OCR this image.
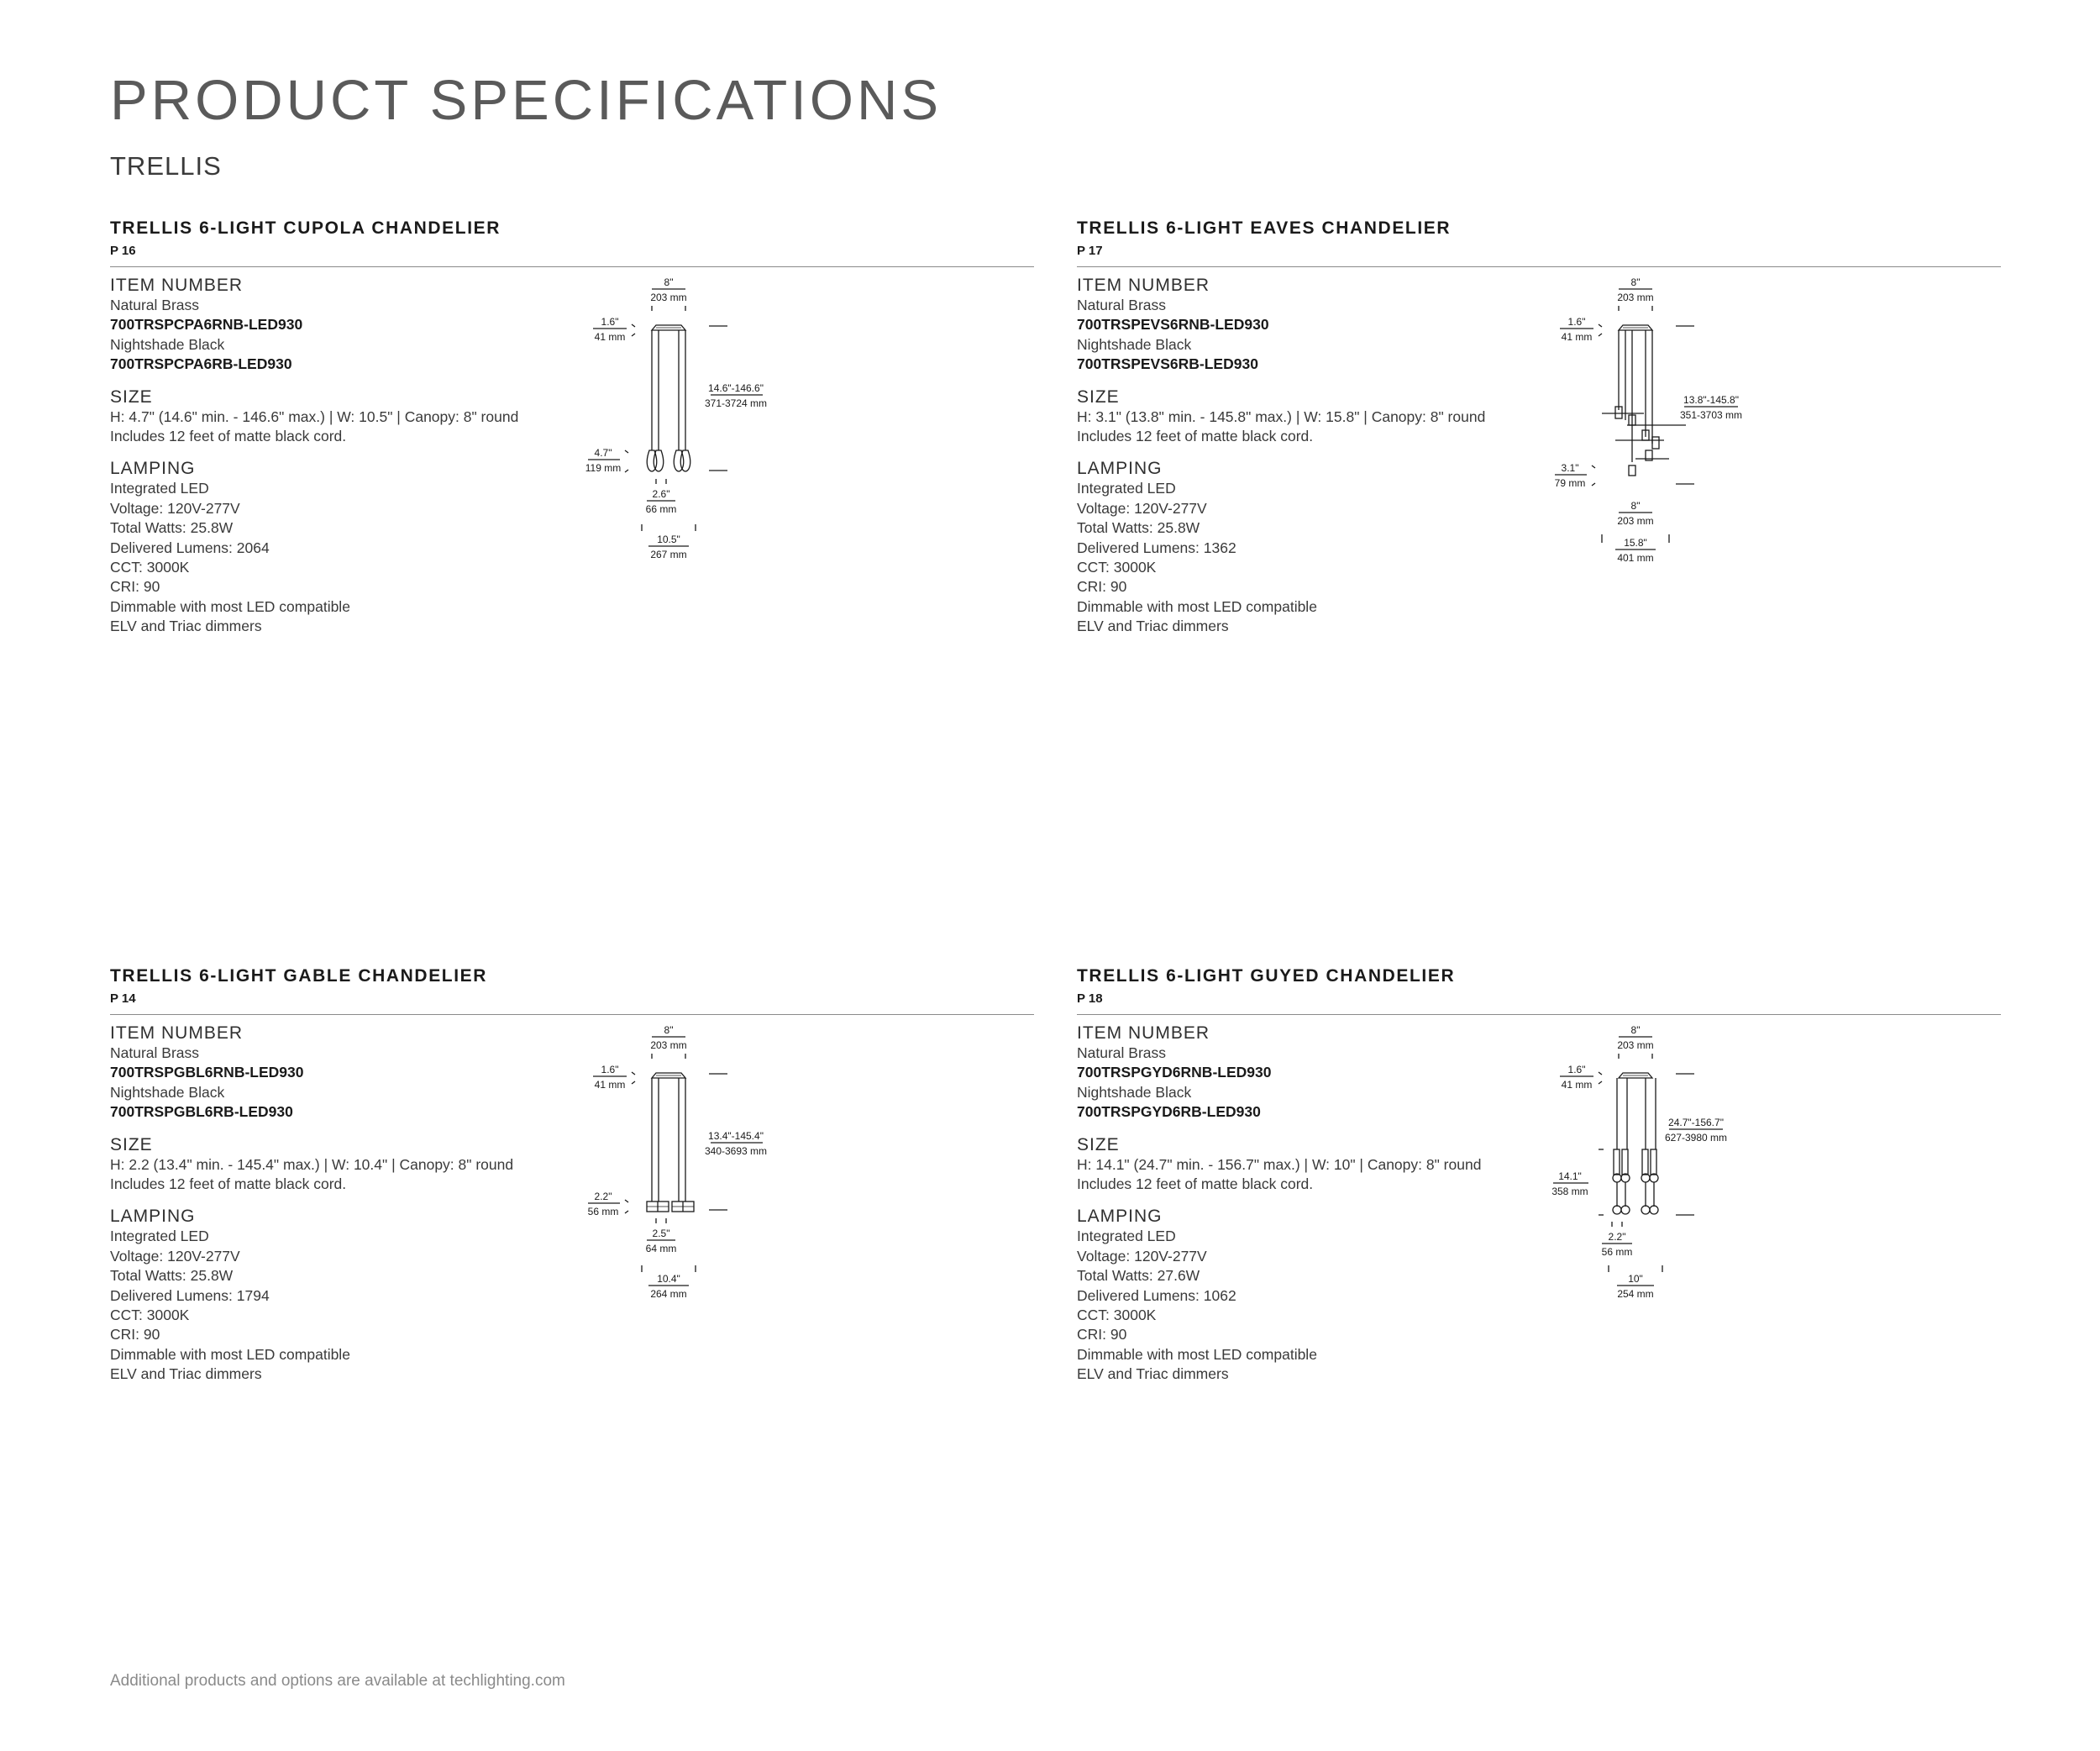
PRODUCT SPECIFICATIONS
TRELLIS
TRELLIS 6-LIGHT CUPOLA CHANDELIER
P 16
ITEM NUMBER
Natural Brass
700TRSPCPA6RNB-LED930
Nightshade Black
700TRSPCPA6RB-LED930
SIZE
H: 4.7" (14.6" min. - 146.6" max.) | W: 10.5" | Canopy: 8" round
Includes 12 feet of matte black cord.
LAMPING
Integrated LED
Voltage: 120V-277V
Total Watts: 25.8W
Delivered Lumens: 2064
CCT: 3000K
CRI: 90
Dimmable with most LED compatible
ELV and Triac dimmers
8"
203 mm
1.6"
41 mm
14.6"-146.6"
371-3724 mm
4.7"
119 mm
2.6"
66 mm
10.5"
267 mm
TRELLIS 6-LIGHT EAVES CHANDELIER
P 17
ITEM NUMBER
Natural Brass
700TRSPEVS6RNB-LED930
Nightshade Black
700TRSPEVS6RB-LED930
SIZE
H: 3.1" (13.8" min. - 145.8" max.) | W: 15.8" | Canopy: 8" round
Includes 12 feet of matte black cord.
LAMPING
Integrated LED
Voltage: 120V-277V
Total Watts: 25.8W
Delivered Lumens: 1362
CCT: 3000K
CRI: 90
Dimmable with most LED compatible
ELV and Triac dimmers
8"
203 mm
1.6"
41 mm
13.8"-145.8"
351-3703 mm
3.1"
79 mm
8"
203 mm
15.8"
401 mm
TRELLIS 6-LIGHT GABLE CHANDELIER
P 14
ITEM NUMBER
Natural Brass
700TRSPGBL6RNB-LED930
Nightshade Black
700TRSPGBL6RB-LED930
SIZE
H: 2.2 (13.4" min. - 145.4" max.) | W: 10.4" | Canopy: 8" round
Includes 12 feet of matte black cord.
LAMPING
Integrated LED
Voltage: 120V-277V
Total Watts: 25.8W
Delivered Lumens: 1794
CCT: 3000K
CRI: 90
Dimmable with most LED compatible
ELV and Triac dimmers
8"
203 mm
1.6"
41 mm
13.4"-145.4"
340-3693 mm
2.2"
56 mm
2.5"
64 mm
10.4"
264 mm
TRELLIS 6-LIGHT GUYED CHANDELIER
P 18
ITEM NUMBER
Natural Brass
700TRSPGYD6RNB-LED930
Nightshade Black
700TRSPGYD6RB-LED930
SIZE
H: 14.1" (24.7" min. - 156.7" max.) | W: 10" | Canopy: 8" round
Includes 12 feet of matte black cord.
LAMPING
Integrated LED
Voltage: 120V-277V
Total Watts: 27.6W
Delivered Lumens: 1062
CCT: 3000K
CRI: 90
Dimmable with most LED compatible
ELV and Triac dimmers
8"
203 mm
1.6"
41 mm
24.7"-156.7"
627-3980 mm
14.1"
358 mm
2.2"
56 mm
10"
254 mm
Additional products and options are available at techlighting.com
